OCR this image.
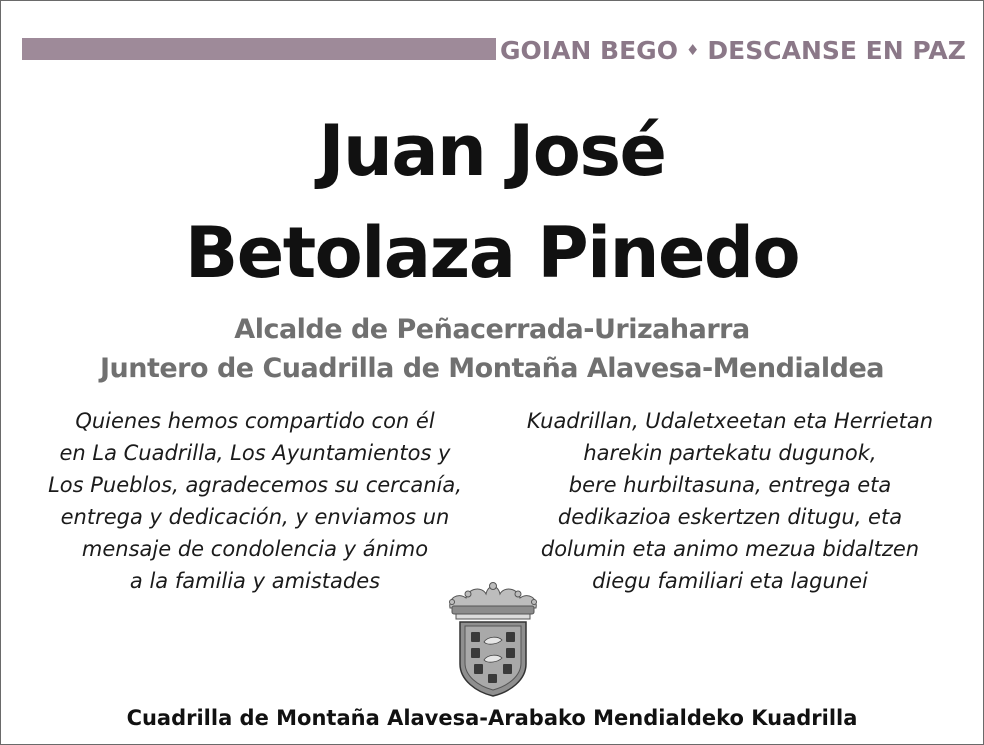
GOIAN BEGO ♦ DESCANSE EN PAZ
Juan José
Betolaza Pinedo
Alcalde de Peñacerrada-Urizaharra
Juntero de Cuadrilla de Montaña Alavesa-Mendialdea
Quienes hemos compartido con él
en La Cuadrilla, Los Ayuntamientos y
Los Pueblos, agradecemos su cercanía,
entrega y dedicación, y enviamos un
mensaje de condolencia y ánimo
a la familia y amistades
Kuadrillan, Udaletxeetan eta Herrietan
harekin partekatu dugunok,
bere hurbiltasuna, entrega eta
dedikazioa eskertzen ditugu, eta
dolumin eta animo mezua bidaltzen
diegu familiari eta lagunei
Cuadrilla de Montaña Alavesa-Arabako Mendialdeko Kuadrilla
